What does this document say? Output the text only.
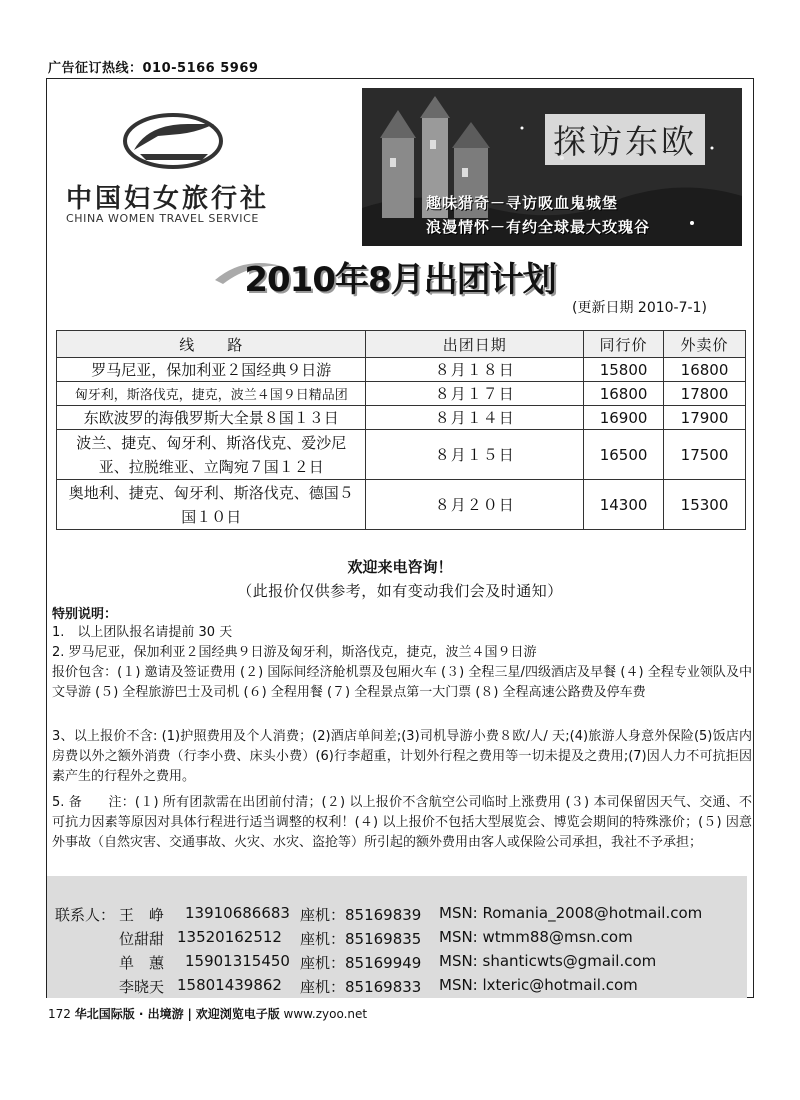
广告征订热线：010-5166 5969
中国妇女旅行社
CHINA WOMEN TRAVEL SERVICE
探访东欧
趣味猎奇－寻访吸血鬼城堡
浪漫情怀－有约全球最大玫瑰谷
2010年8月出团计划
(更新日期 2010-7-1)
线　　路	出团日期	同行价	外卖价
罗马尼亚，保加利亚２国经典９日游	８月１８日	15800	16800
匈牙利，斯洛伐克，捷克，波兰４国９日精品团	８月１７日	16800	17800
东欧波罗的海俄罗斯大全景８国１３日	８月１４日	16900	17900
波兰、捷克、匈牙利、斯洛伐克、爱沙尼亚、拉脱维亚、立陶宛７国１２日	８月１５日	16500	17500
奥地利、捷克、匈牙利、斯洛伐克、德国５国１０日	８月２０日	14300	15300
欢迎来电咨询！
（此报价仅供参考，如有变动我们会及时通知）
特别说明：
1.　以上团队报名请提前 30 天
2. 罗马尼亚，保加利亚２国经典９日游及匈牙利，斯洛伐克，捷克，波兰４国９日游
报价包含：(１) 邀请及签证费用 (２) 国际间经济舱机票及包厢火车 (３) 全程三星/四级酒店及早餐 (４) 全程专业领队及中文导游 (５) 全程旅游巴士及司机 (６) 全程用餐 (７) 全程景点第一大门票 (８) 全程高速公路费及停车费
3、以上报价不含: (1)护照费用及个人消费；(2)酒店单间差;(3)司机导游小费８欧/人/ 天;(4)旅游人身意外保险(5)饭店内房费以外之额外消费（行李小费、床头小费）(6)行李超重，计划外行程之费用等一切未提及之费用;(7)因人力不可抗拒因素产生的行程外之费用。
5. 备　　注：(１) 所有团款需在出团前付清；(２) 以上报价不含航空公司临时上涨费用 (３) 本司保留因天气、交通、不可抗力因素等原因对具体行程进行适当调整的权利！(４) 以上报价不包括大型展览会、博览会期间的特殊涨价；(５) 因意外事故（自然灾害、交通事故、火灾、水灾、盗抢等）所引起的额外费用由客人或保险公司承担，我社不予承担；
联系人： 王　峥 13910686683 座机：85169839 MSN: Romania_2008@hotmail.com
位甜甜 13520162512 座机：85169835 MSN: wtmm88@msn.com
单　蕙 15901315450 座机：85169949 MSN: shanticwts@gmail.com
李晓天 15801439862 座机：85169833 MSN: lxteric@hotmail.com
172 华北国际版 · 出境游 | 欢迎浏览电子版 www.zyoo.net
